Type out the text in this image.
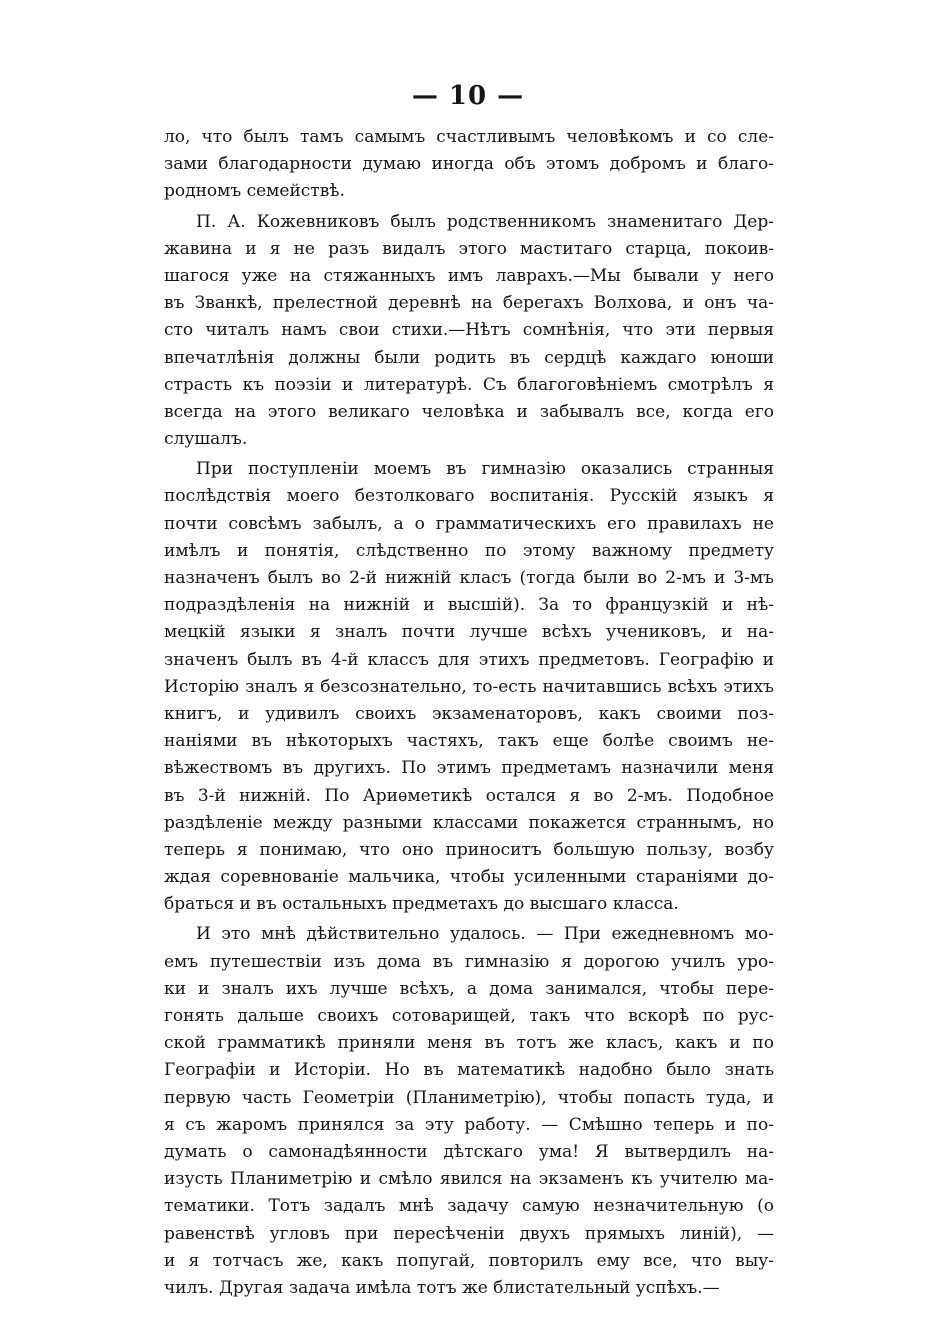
— 10 —
ло, что былъ тамъ самымъ счастливымъ человѣкомъ и со сле-
зами благодарности думаю иногда объ этомъ добромъ и благо-
родномъ семействѣ.
П. А. Кожевниковъ былъ родственникомъ знаменитаго Дер-
жавина и я не разъ видалъ этого маститаго старца, покоив-
шагося уже на стяжанныхъ имъ лаврахъ.—Мы бывали у него
въ Званкѣ, прелестной деревнѣ на берегахъ Волхова, и онъ ча-
сто читалъ намъ свои стихи.—Нѣтъ сомнѣнія, что эти первыя
впечатлѣнія должны были родить въ сердцѣ каждаго юноши
страсть къ поэзіи и литературѣ. Съ благоговѣніемъ смотрѣлъ я
всегда на этого великаго человѣка и забывалъ все, когда его
слушалъ.
При поступленіи моемъ въ гимназію оказались странныя
послѣдствія моего безтолковаго воспитанія. Русскій языкъ я
почти совсѣмъ забылъ, а о грамматическихъ его правилахъ не
имѣлъ и понятія, слѣдственно по этому важному предмету
назначенъ былъ во 2-й нижній класъ (тогда были во 2-мъ и 3-мъ
подраздѣленія на нижній и высшій). За то французкій и нѣ-
мецкій языки я зналъ почти лучше всѣхъ учениковъ, и на-
значенъ былъ въ 4-й классъ для этихъ предметовъ. Географію и
Исторію зналъ я безсознательно, то-есть начитавшись всѣхъ этихъ
книгъ, и удивилъ своихъ экзаменаторовъ, какъ своими поз-
наніями въ нѣкоторыхъ частяхъ, такъ еще болѣе своимъ не-
вѣжествомъ въ другихъ. По этимъ предметамъ назначили меня
въ 3-й нижній. По Ариѳметикѣ остался я во 2-мъ. Подобное
раздѣленіе между разными классами покажется страннымъ, но
теперь я понимаю, что оно приноситъ большую пользу, возбу
ждая соревнованіе мальчика, чтобы усиленными стараніями до-
браться и въ остальныхъ предметахъ до высшаго класса.
И это мнѣ дѣйствительно удалось. — При ежедневномъ мо-
емъ путешествіи изъ дома въ гимназію я дорогою училъ уро-
ки и зналъ ихъ лучше всѣхъ, а дома занимался, чтобы пере-
гонять дальше своихъ сотоварищей, такъ что вскорѣ по рус-
ской грамматикѣ приняли меня въ тотъ же класъ, какъ и по
Географіи и Исторіи. Но въ математикѣ надобно было знать
первую часть Геометріи (Планиметрію), чтобы попасть туда, и
я съ жаромъ принялся за эту работу. — Смѣшно теперь и по-
думать о самонадѣянности дѣтскаго ума! Я вытвердилъ на-
изусть Планиметрію и смѣло явился на экзаменъ къ учителю ма-
тематики. Тотъ задалъ мнѣ задачу самую незначительную (о
равенствѣ угловъ при пересѣченіи двухъ прямыхъ линій), —
и я тотчасъ же, какъ попугай, повторилъ ему все, что выу-
чилъ. Другая задача имѣла тотъ же блистательный успѣхъ.—
